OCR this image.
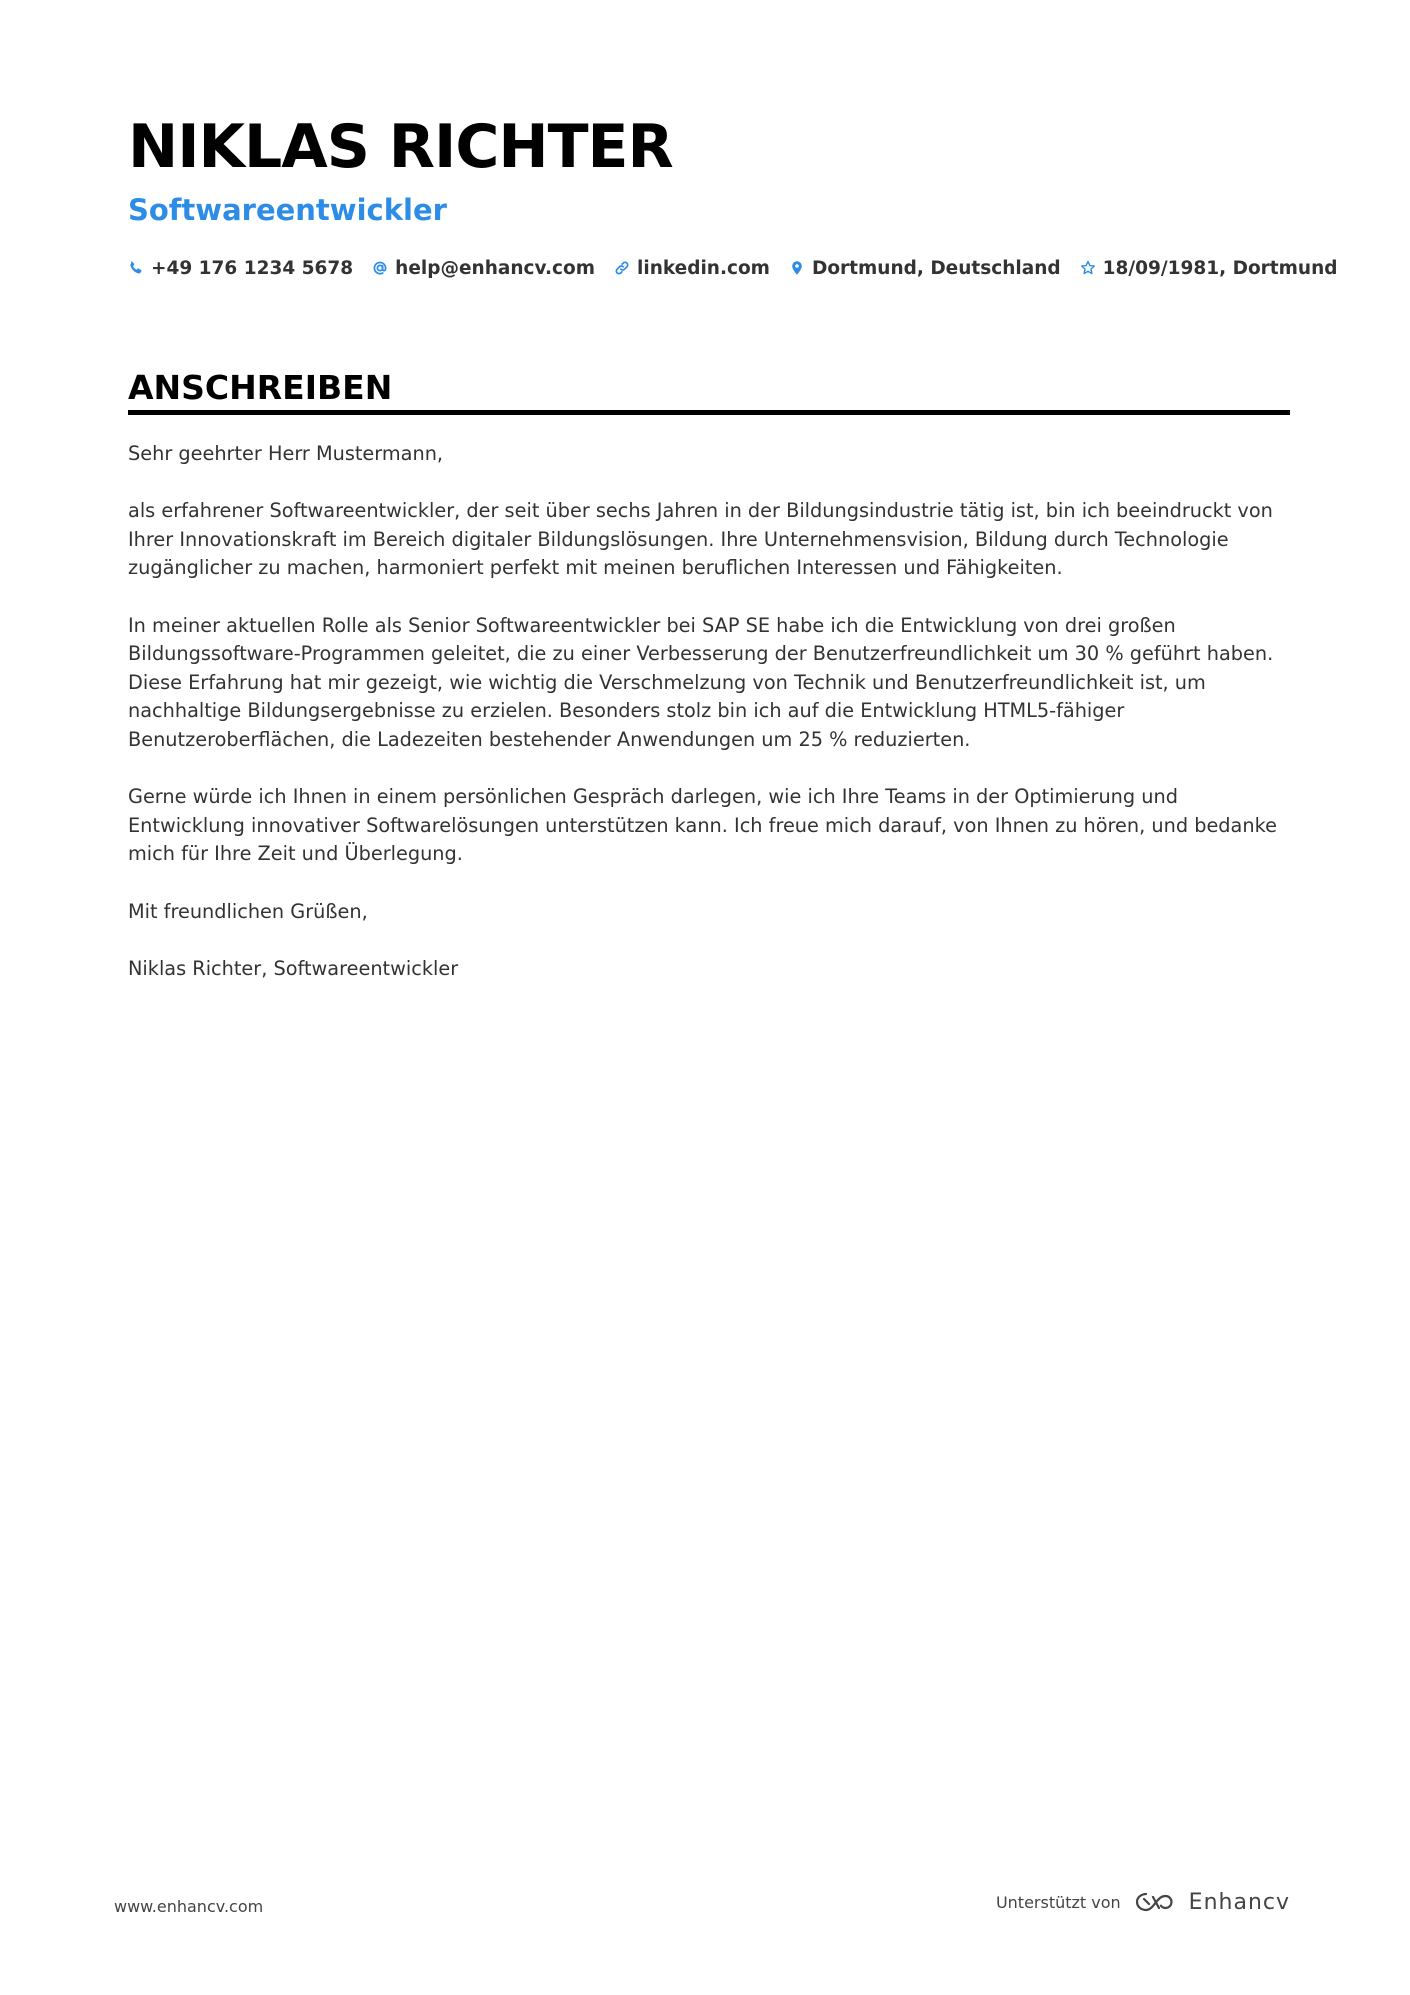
NIKLAS RICHTER
Softwareentwickler
+49 176 1234 5678 help@enhancv.com linkedin.com Dortmund, Deutschland 18/09/1981, Dortmund
ANSCHREIBEN

Sehr geehrter Herr Mustermann,

als erfahrener Softwareentwickler, der seit über sechs Jahren in der Bildungsindustrie tätig ist, bin ich beeindruckt von Ihrer Innovationskraft im Bereich digitaler Bildungslösungen. Ihre Unternehmensvision, Bildung durch Technologie zugänglicher zu machen, harmoniert perfekt mit meinen beruflichen Interessen und Fähigkeiten.

In meiner aktuellen Rolle als Senior Softwareentwickler bei SAP SE habe ich die Entwicklung von drei großen Bildungssoftware-Programmen geleitet, die zu einer Verbesserung der Benutzerfreundlichkeit um 30 % geführt haben. Diese Erfahrung hat mir gezeigt, wie wichtig die Verschmelzung von Technik und Benutzerfreundlichkeit ist, um nachhaltige Bildungsergebnisse zu erzielen. Besonders stolz bin ich auf die Entwicklung HTML5-fähiger Benutzeroberflächen, die Ladezeiten bestehender Anwendungen um 25 % reduzierten.

Gerne würde ich Ihnen in einem persönlichen Gespräch darlegen, wie ich Ihre Teams in der Optimierung und Entwicklung innovativer Softwarelösungen unterstützen kann. Ich freue mich darauf, von Ihnen zu hören, und bedanke mich für Ihre Zeit und Überlegung.

Mit freundlichen Grüßen,

Niklas Richter, Softwareentwickler

www.enhancv.com	Unterstützt von	Enhancv
